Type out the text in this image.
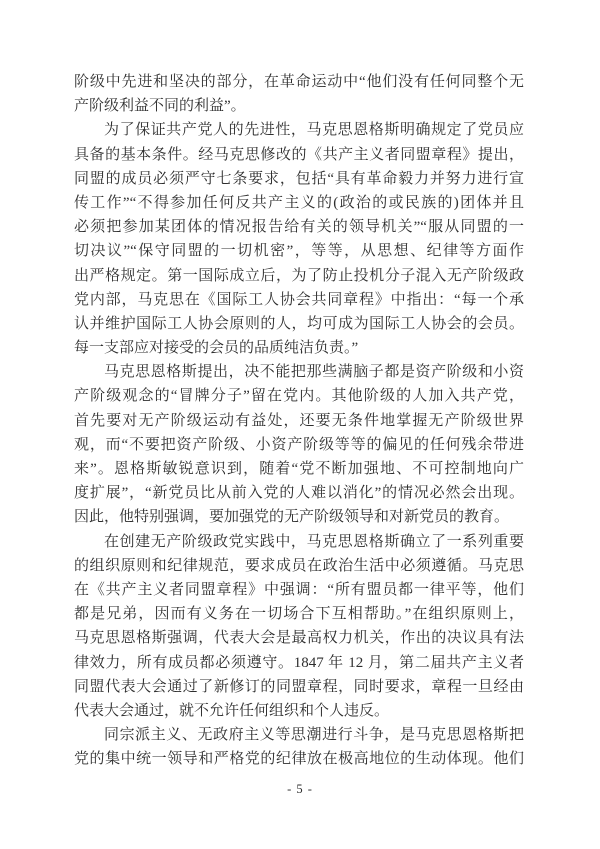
阶级中先进和坚决的部分，在革命运动中“他们没有任何同整个无
产阶级利益不同的利益”。
为了保证共产党人的先进性，马克思恩格斯明确规定了党员应
具备的基本条件。经马克思修改的《共产主义者同盟章程》提出，
同盟的成员必须严守七条要求，包括“具有革命毅力并努力进行宣
传工作”“不得参加任何反共产主义的(政治的或民族的)团体并且
必须把参加某团体的情况报告给有关的领导机关”“服从同盟的一
切决议”“保守同盟的一切机密”，等等，从思想、纪律等方面作
出严格规定。第一国际成立后，为了防止投机分子混入无产阶级政
党内部，马克思在《国际工人协会共同章程》中指出：“每一个承
认并维护国际工人协会原则的人，均可成为国际工人协会的会员。
每一支部应对接受的会员的品质纯洁负责。”
马克思恩格斯提出，决不能把那些满脑子都是资产阶级和小资
产阶级观念的“冒牌分子”留在党内。其他阶级的人加入共产党，
首先要对无产阶级运动有益处，还要无条件地掌握无产阶级世界
观，而“不要把资产阶级、小资产阶级等等的偏见的任何残余带进
来”。恩格斯敏锐意识到，随着“党不断加强地、不可控制地向广
度扩展”，“新党员比从前入党的人难以消化”的情况必然会出现。
因此，他特别强调，要加强党的无产阶级领导和对新党员的教育。
在创建无产阶级政党实践中，马克思恩格斯确立了一系列重要
的组织原则和纪律规范，要求成员在政治生活中必须遵循。马克思
在《共产主义者同盟章程》中强调：“所有盟员都一律平等，他们
都是兄弟，因而有义务在一切场合下互相帮助。”在组织原则上，
马克思恩格斯强调，代表大会是最高权力机关，作出的决议具有法
律效力，所有成员都必须遵守。1847 年 12 月，第二届共产主义者
同盟代表大会通过了新修订的同盟章程，同时要求，章程一旦经由
代表大会通过，就不允许任何组织和个人违反。
同宗派主义、无政府主义等思潮进行斗争，是马克思恩格斯把
党的集中统一领导和严格党的纪律放在极高地位的生动体现。他们
- 5 -
